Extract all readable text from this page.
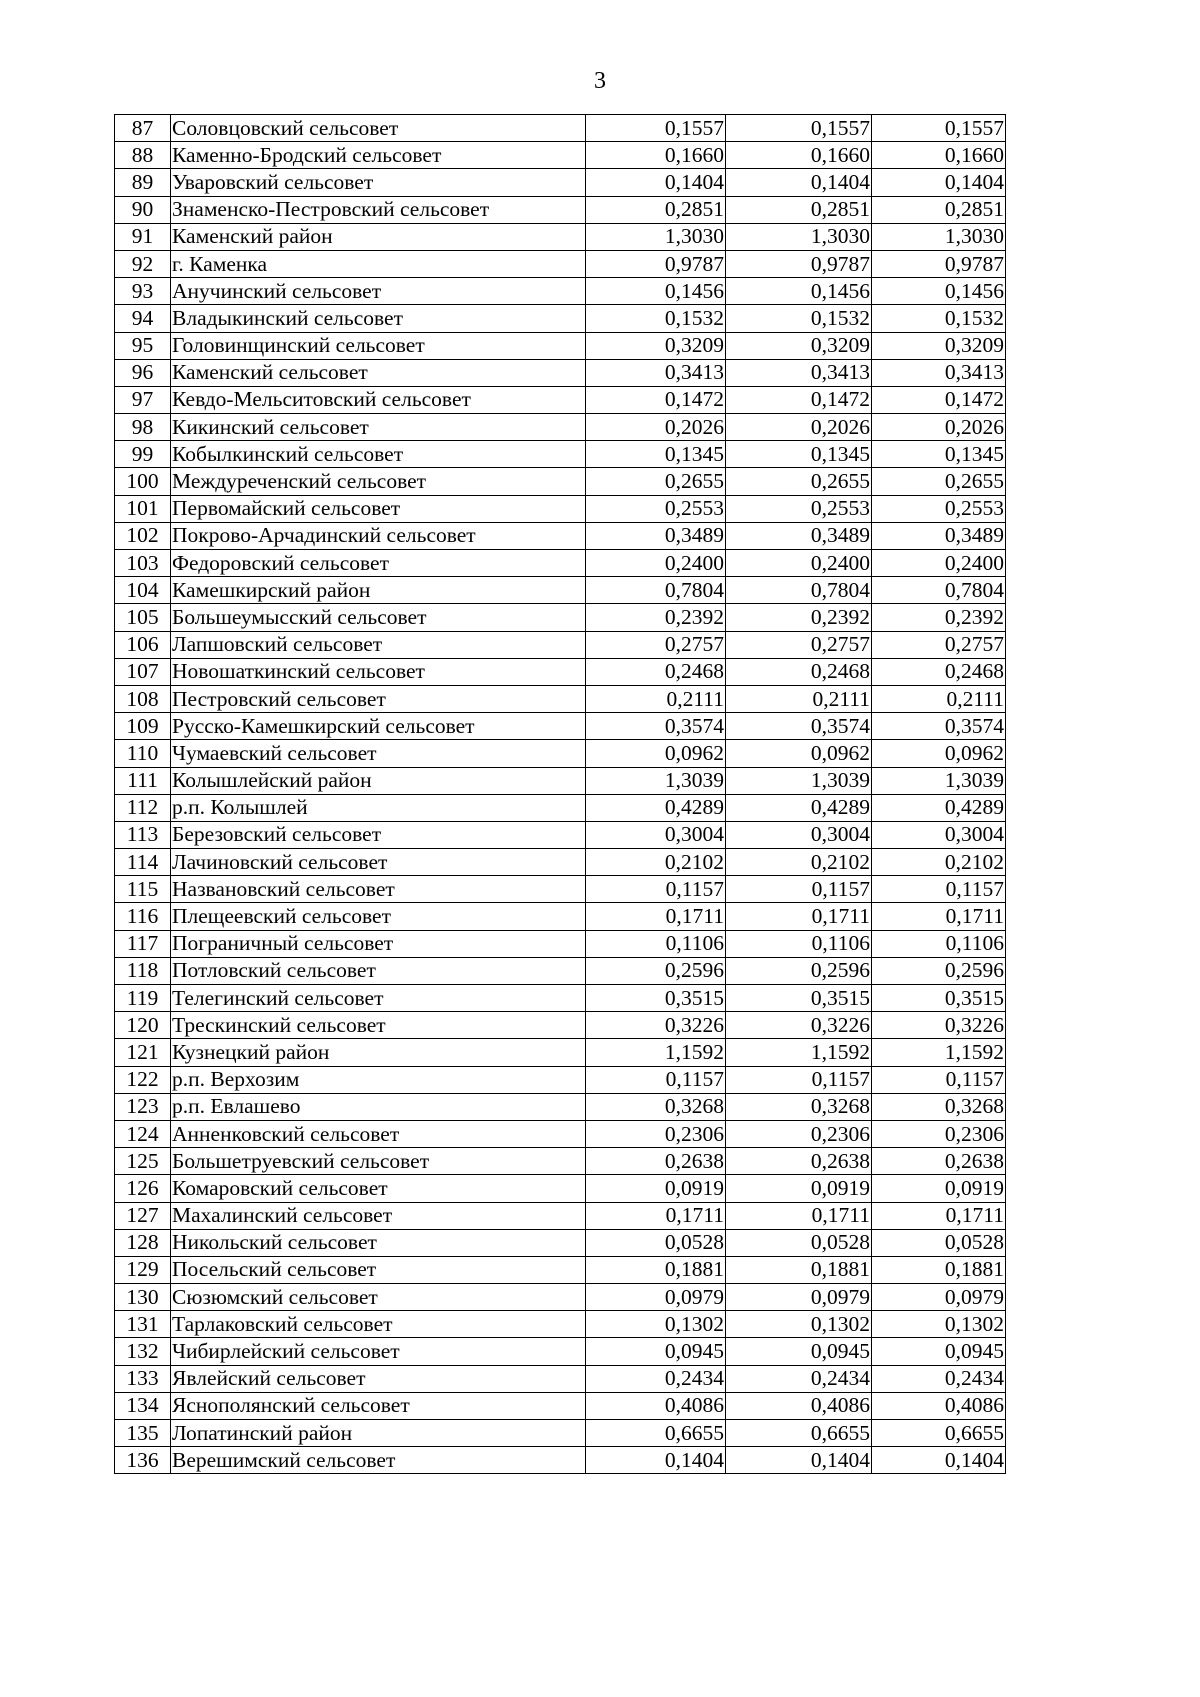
3
87	Соловцовский сельсовет	0,1557	0,1557	0,1557
88	Каменно-Бродский сельсовет	0,1660	0,1660	0,1660
89	Уваровский сельсовет	0,1404	0,1404	0,1404
90	Знаменско-Пестровский сельсовет	0,2851	0,2851	0,2851
91	Каменский район	1,3030	1,3030	1,3030
92	г. Каменка	0,9787	0,9787	0,9787
93	Анучинский сельсовет	0,1456	0,1456	0,1456
94	Владыкинский сельсовет	0,1532	0,1532	0,1532
95	Головинщинский сельсовет	0,3209	0,3209	0,3209
96	Каменский сельсовет	0,3413	0,3413	0,3413
97	Кевдо-Мельситовский сельсовет	0,1472	0,1472	0,1472
98	Кикинский сельсовет	0,2026	0,2026	0,2026
99	Кобылкинский сельсовет	0,1345	0,1345	0,1345
100	Междуреченский сельсовет	0,2655	0,2655	0,2655
101	Первомайский сельсовет	0,2553	0,2553	0,2553
102	Покрово-Арчадинский сельсовет	0,3489	0,3489	0,3489
103	Федоровский сельсовет	0,2400	0,2400	0,2400
104	Камешкирский район	0,7804	0,7804	0,7804
105	Большеумысский сельсовет	0,2392	0,2392	0,2392
106	Лапшовский сельсовет	0,2757	0,2757	0,2757
107	Новошаткинский сельсовет	0,2468	0,2468	0,2468
108	Пестровский сельсовет	0,2111	0,2111	0,2111
109	Русско-Камешкирский сельсовет	0,3574	0,3574	0,3574
110	Чумаевский сельсовет	0,0962	0,0962	0,0962
111	Колышлейский район	1,3039	1,3039	1,3039
112	р.п. Колышлей	0,4289	0,4289	0,4289
113	Березовский сельсовет	0,3004	0,3004	0,3004
114	Лачиновский сельсовет	0,2102	0,2102	0,2102
115	Названовский сельсовет	0,1157	0,1157	0,1157
116	Плещеевский сельсовет	0,1711	0,1711	0,1711
117	Пограничный сельсовет	0,1106	0,1106	0,1106
118	Потловский сельсовет	0,2596	0,2596	0,2596
119	Телегинский сельсовет	0,3515	0,3515	0,3515
120	Трескинский сельсовет	0,3226	0,3226	0,3226
121	Кузнецкий район	1,1592	1,1592	1,1592
122	р.п. Верхозим	0,1157	0,1157	0,1157
123	р.п. Евлашево	0,3268	0,3268	0,3268
124	Анненковский сельсовет	0,2306	0,2306	0,2306
125	Большетруевский сельсовет	0,2638	0,2638	0,2638
126	Комаровский сельсовет	0,0919	0,0919	0,0919
127	Махалинский сельсовет	0,1711	0,1711	0,1711
128	Никольский сельсовет	0,0528	0,0528	0,0528
129	Посельский сельсовет	0,1881	0,1881	0,1881
130	Сюзюмский сельсовет	0,0979	0,0979	0,0979
131	Тарлаковский сельсовет	0,1302	0,1302	0,1302
132	Чибирлейский сельсовет	0,0945	0,0945	0,0945
133	Явлейский сельсовет	0,2434	0,2434	0,2434
134	Яснополянский сельсовет	0,4086	0,4086	0,4086
135	Лопатинский район	0,6655	0,6655	0,6655
136	Верешимский сельсовет	0,1404	0,1404	0,1404
